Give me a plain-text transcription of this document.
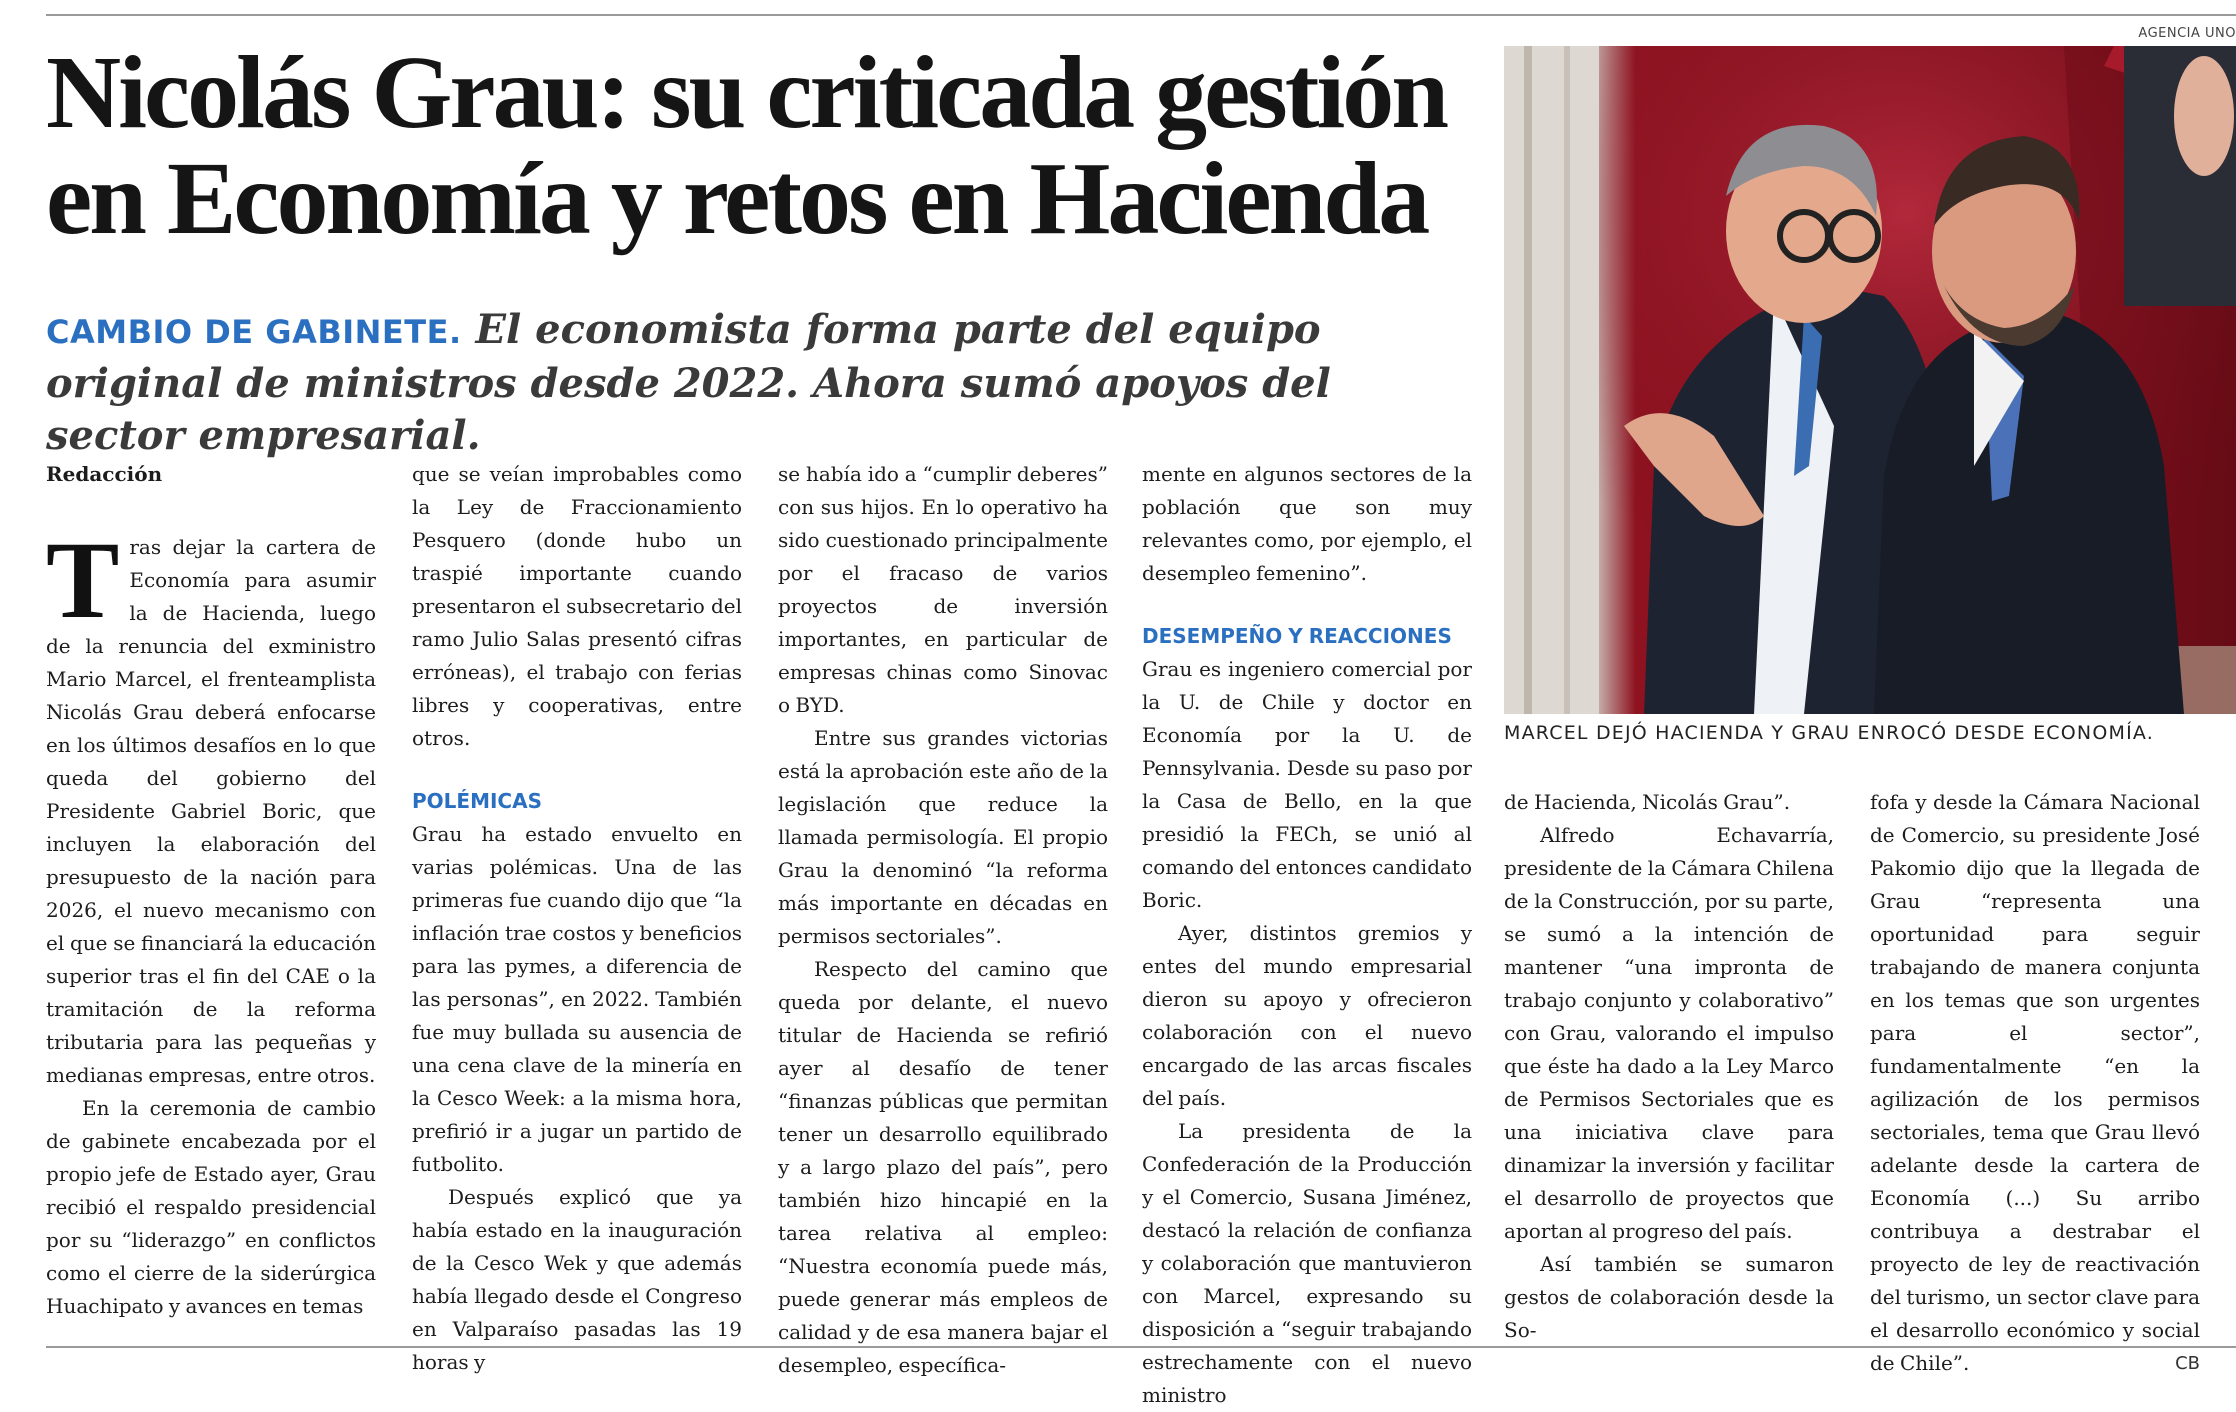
Nicolás Grau: su criticada gestión en Economía y retos en Hacienda

CAMBIO DE GABINETE. El economista forma parte del equipo original de ministros desde 2022. Ahora sumó apoyos del sector empresarial.

AGENCIA UNO

MARCEL DEJÓ HACIENDA Y GRAU ENROCÓ DESDE ECONOMÍA.

Redacción

Tras dejar la cartera de Economía para asumir la de Hacienda, luego de la renuncia del exministro Mario Marcel, el frenteamplista Nicolás Grau deberá enfocarse en los últimos desafíos en lo que queda del gobierno del Presidente Gabriel Boric, que incluyen la elaboración del presupuesto de la nación para 2026, el nuevo mecanismo con el que se financiará la educación superior tras el fin del CAE o la tramitación de la reforma tributaria para las pequeñas y medianas empresas, entre otros.

En la ceremonia de cambio de gabinete encabezada por el propio jefe de Estado ayer, Grau recibió el respaldo presidencial por su “liderazgo” en conflictos como el cierre de la siderúrgica Huachipato y avances en temas

que se veían improbables como la Ley de Fraccionamiento Pesquero (donde hubo un traspié importante cuando presentaron el subsecretario del ramo Julio Salas presentó cifras erróneas), el trabajo con ferias libres y cooperativas, entre otros.

POLÉMICAS

Grau ha estado envuelto en varias polémicas. Una de las primeras fue cuando dijo que “la inflación trae costos y beneficios para las pymes, a diferencia de las personas”, en 2022. También fue muy bullada su ausencia de una cena clave de la minería en la Cesco Week: a la misma hora, prefirió ir a jugar un partido de futbolito.

Después explicó que ya había estado en la inauguración de la Cesco Wek y que además había llegado desde el Congreso en Valparaíso pasadas las 19 horas y

se había ido a “cumplir deberes” con sus hijos. En lo operativo ha sido cuestionado principalmente por el fracaso de varios proyectos de inversión importantes, en particular de empresas chinas como Sinovac o BYD.

Entre sus grandes victorias está la aprobación este año de la legislación que reduce la llamada permisología. El propio Grau la denominó “la reforma más importante en décadas en permisos sectoriales”.

Respecto del camino que queda por delante, el nuevo titular de Hacienda se refirió ayer al desafío de tener “finanzas públicas que permitan tener un desarrollo equilibrado y a largo plazo del país”, pero también hizo hincapié en la tarea relativa al empleo: “Nuestra economía puede más, puede generar más empleos de calidad y de esa manera bajar el desempleo, específica-

mente en algunos sectores de la población que son muy relevantes como, por ejemplo, el desempleo femenino”.

DESEMPEÑO Y REACCIONES

Grau es ingeniero comercial por la U. de Chile y doctor en Economía por la U. de Pennsylvania. Desde su paso por la Casa de Bello, en la que presidió la FECh, se unió al comando del entonces candidato Boric.

Ayer, distintos gremios y entes del mundo empresarial dieron su apoyo y ofrecieron colaboración con el nuevo encargado de las arcas fiscales del país.

La presidenta de la Confederación de la Producción y el Comercio, Susana Jiménez, destacó la relación de confianza y colaboración que mantuvieron con Marcel, expresando su disposición a “seguir trabajando estrechamente con el nuevo ministro

de Hacienda, Nicolás Grau”.

Alfredo Echavarría, presidente de la Cámara Chilena de la Construcción, por su parte, se sumó a la intención de mantener “una impronta de trabajo conjunto y colaborativo” con Grau, valorando el impulso que éste ha dado a la Ley Marco de Permisos Sectoriales que es una iniciativa clave para dinamizar la inversión y facilitar el desarrollo de proyectos que aportan al progreso del país.

Así también se sumaron gestos de colaboración desde la So-

fofa y desde la Cámara Nacional de Comercio, su presidente José Pakomio dijo que la llegada de Grau “representa una oportunidad para seguir trabajando de manera conjunta en los temas que son urgentes para el sector”, fundamentalmente “en la agilización de los permisos sectoriales, tema que Grau llevó adelante desde la cartera de Economía (...) Su arribo contribuya a destrabar el proyecto de ley de reactivación del turismo, un sector clave para el desarrollo económico y social de Chile”.	CB
